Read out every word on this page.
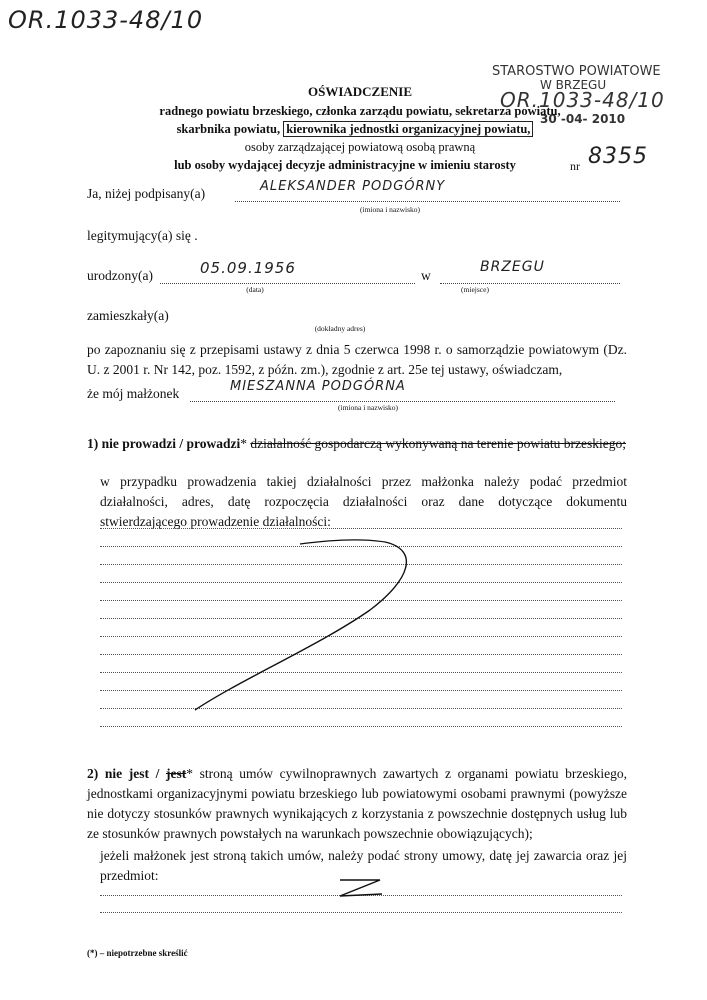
OR.1033-48/10
STAROSTWO POWIATOWE
W BRZEGU
OR.1033-48/10
30 -04- 2010
OŚWIADCZENIE
radnego powiatu brzeskiego, członka zarządu powiatu, sekretarza powiatu,
skarbnika powiatu, kierownika jednostki organizacyjnej powiatu,
osoby zarządzającej powiatową osobą prawną
lub osoby wydającej decyzje administracyjne w imieniu starosty	nr 8355
Ja, niżej podpisany(a)	ALEKSANDER PODGÓRNY
(imiona i nazwisko)
legitymujący(a) się .
urodzony(a)	05.09.1956
(data)
w
BRZEGU
(miejsce)
zamieszkały(a)
(dokładny adres)
po zapoznaniu się z przepisami ustawy z dnia 5 czerwca 1998 r. o samorządzie powiatowym (Dz. U. z 2001 r. Nr 142, poz. 1592, z późn. zm.), zgodnie z art. 25e tej ustawy, oświadczam,
że mój małżonek	MIESZANNA PODGÓRNA
(imiona i nazwisko)
1) nie prowadzi / prowadzi* działalność gospodarczą wykonywaną na terenie powiatu brzeskiego;
w przypadku prowadzenia takiej działalności przez małżonka należy podać przedmiot działalności, adres, datę rozpoczęcia działalności oraz dane dotyczące dokumentu stwierdzającego prowadzenie działalności:
2) nie jest / jest* stroną umów cywilnoprawnych zawartych z organami powiatu brzeskiego, jednostkami organizacyjnymi powiatu brzeskiego lub powiatowymi osobami prawnymi (powyższe nie dotyczy stosunków prawnych wynikających z korzystania z powszechnie dostępnych usług lub ze stosunków prawnych powstałych na warunkach powszechnie obowiązujących);
jeżeli małżonek jest stroną takich umów, należy podać strony umowy, datę jej zawarcia oraz jej przedmiot:
(*) – niepotrzebne skreślić
